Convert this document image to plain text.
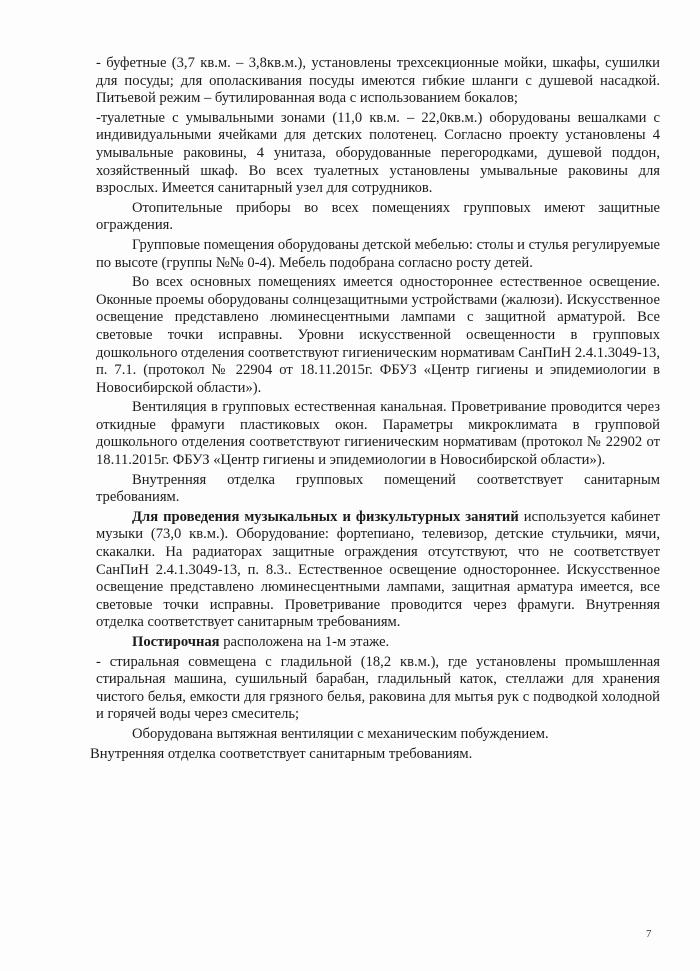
- буфетные (3,7 кв.м. – 3,8кв.м.), установлены трехсекционные мойки, шкафы, сушилки для посуды; для ополаскивания посуды имеются гибкие шланги с душевой насадкой. Питьевой режим – бутилированная вода с использованием бокалов;

-туалетные с умывальными зонами (11,0 кв.м. – 22,0кв.м.) оборудованы вешалками с индивидуальными ячейками для детских полотенец. Согласно проекту установлены 4 умывальные раковины, 4 унитаза, оборудованные перегородками, душевой поддон, хозяйственный шкаф. Во всех туалетных установлены умывальные раковины для взрослых. Имеется санитарный узел для сотрудников.

Отопительные приборы во всех помещениях групповых имеют защитные ограждения.

Групповые помещения оборудованы детской мебелью: столы и стулья регулируемые по высоте (группы №№ 0-4). Мебель подобрана согласно росту детей.

Во всех основных помещениях имеется одностороннее естественное освещение. Оконные проемы оборудованы солнцезащитными устройствами (жалюзи). Искусственное освещение представлено люминесцентными лампами с защитной арматурой. Все световые точки исправны. Уровни искусственной освещенности в групповых дошкольного отделения соответствуют гигиеническим нормативам СанПиН 2.4.1.3049-13, п. 7.1. (протокол № 22904 от 18.11.2015г. ФБУЗ «Центр гигиены и эпидемиологии в Новосибирской области»).

Вентиляция в групповых естественная канальная. Проветривание проводится через откидные фрамуги пластиковых окон. Параметры микроклимата в групповой дошкольного отделения соответствуют гигиеническим нормативам (протокол № 22902 от 18.11.2015г. ФБУЗ «Центр гигиены и эпидемиологии в Новосибирской области»).

Внутренняя отделка групповых помещений соответствует санитарным требованиям.

Для проведения музыкальных и физкультурных занятий используется кабинет музыки (73,0 кв.м.). Оборудование: фортепиано, телевизор, детские стульчики, мячи, скакалки. На радиаторах защитные ограждения отсутствуют, что не соответствует СанПиН 2.4.1.3049-13, п. 8.3.. Естественное освещение одностороннее. Искусственное освещение представлено люминесцентными лампами, защитная арматура имеется, все световые точки исправны. Проветривание проводится через фрамуги. Внутренняя отделка соответствует санитарным требованиям.

Постирочная расположена на 1-м этаже.

- стиральная совмещена с гладильной (18,2 кв.м.), где установлены промышленная стиральная машина, сушильный барабан, гладильный каток, стеллажи для хранения чистого белья, емкости для грязного белья, раковина для мытья рук с подводкой холодной и горячей воды через смеситель;

Оборудована вытяжная вентиляции с механическим побуждением.

Внутренняя отделка соответствует санитарным требованиям.

7
